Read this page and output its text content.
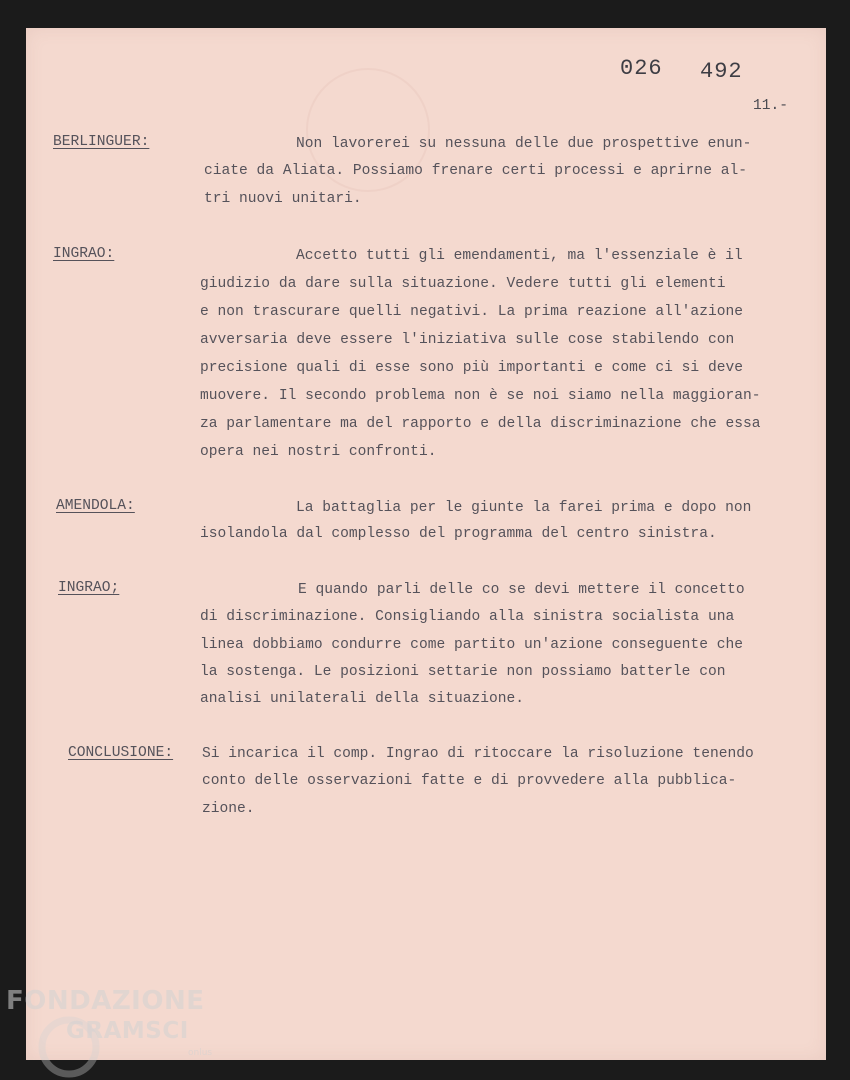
026 492
11.-
BERLINGUER:	Non lavorerei su nessuna delle due prospettive enun-
ciate da Aliata. Possiamo frenare certi processi e aprirne al-
tri nuovi unitari.
INGRAO:	Accetto tutti gli emendamenti, ma l'essenziale è il
giudizio da dare sulla situazione. Vedere tutti gli elementi
e non trascurare quelli negativi. La prima reazione all'azione
avversaria deve essere l'iniziativa sulle cose stabilendo con
precisione quali di esse sono più importanti e come ci si deve
muovere. Il secondo problema non è se noi siamo nella maggioran-
za parlamentare ma del rapporto e della discriminazione che essa
opera nei nostri confronti.
AMENDOLA:	La battaglia per le giunte la farei prima e dopo non
isolandola dal complesso del programma del centro sinistra.
INGRAO;	E quando parli delle co se devi mettere il concetto
di discriminazione. Consigliando alla sinistra socialista una
linea dobbiamo condurre come partito un'azione conseguente che
la sostenga. Le posizioni settarie non possiamo batterle con
analisi unilaterali della situazione.
CONCLUSIONE: Si incarica il comp. Ingrao di ritoccare la risoluzione tenendo
conto delle osservazioni fatte e di provvedere alla pubblica-
zione.
FONDAZIONE
GRAMSCI
onlus
